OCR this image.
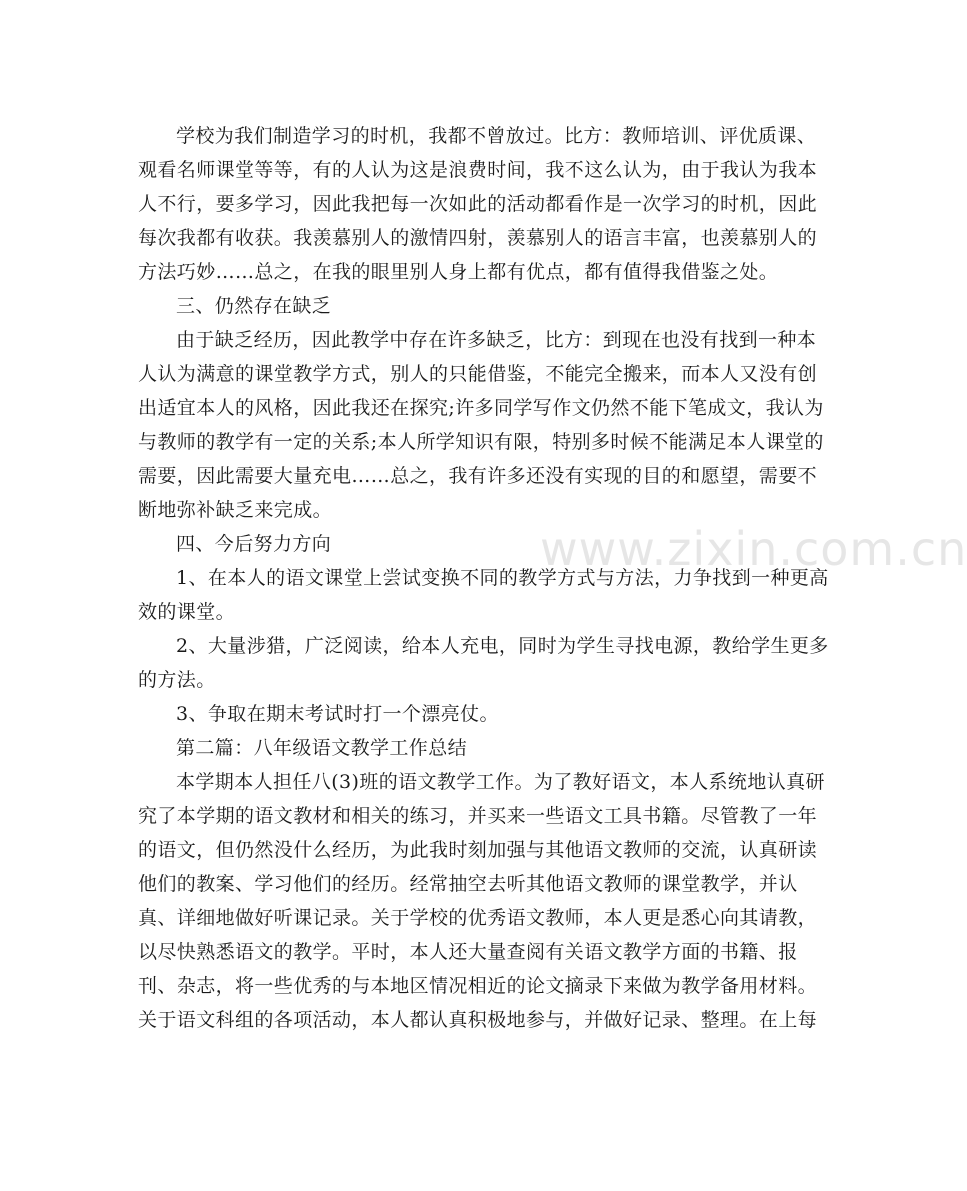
www.zixin.com.cn
学校为我们制造学习的时机，我都不曾放过。比方：教师培训、评优质课、
观看名师课堂等等，有的人认为这是浪费时间，我不这么认为，由于我认为我本
人不行，要多学习，因此我把每一次如此的活动都看作是一次学习的时机，因此
每次我都有收获。我羡慕别人的激情四射，羡慕别人的语言丰富，也羡慕别人的
方法巧妙……总之，在我的眼里别人身上都有优点，都有值得我借鉴之处。
三、仍然存在缺乏
由于缺乏经历，因此教学中存在许多缺乏，比方：到现在也没有找到一种本
人认为满意的课堂教学方式，别人的只能借鉴，不能完全搬来，而本人又没有创
出适宜本人的风格，因此我还在探究;许多同学写作文仍然不能下笔成文，我认为
与教师的教学有一定的关系;本人所学知识有限，特别多时候不能满足本人课堂的
需要，因此需要大量充电……总之，我有许多还没有实现的目的和愿望，需要不
断地弥补缺乏来完成。
四、今后努力方向
1、在本人的语文课堂上尝试变换不同的教学方式与方法，力争找到一种更高
效的课堂。
2、大量涉猎，广泛阅读，给本人充电，同时为学生寻找电源，教给学生更多
的方法。
3、争取在期末考试时打一个漂亮仗。
第二篇：八年级语文教学工作总结
本学期本人担任八(3)班的语文教学工作。为了教好语文，本人系统地认真研
究了本学期的语文教材和相关的练习，并买来一些语文工具书籍。尽管教了一年
的语文，但仍然没什么经历，为此我时刻加强与其他语文教师的交流，认真研读
他们的教案、学习他们的经历。经常抽空去听其他语文教师的课堂教学，并认
真、详细地做好听课记录。关于学校的优秀语文教师，本人更是悉心向其请教，
以尽快熟悉语文的教学。平时，本人还大量查阅有关语文教学方面的书籍、报
刊、杂志，将一些优秀的与本地区情况相近的论文摘录下来做为教学备用材料。
关于语文科组的各项活动，本人都认真积极地参与，并做好记录、整理。在上每
